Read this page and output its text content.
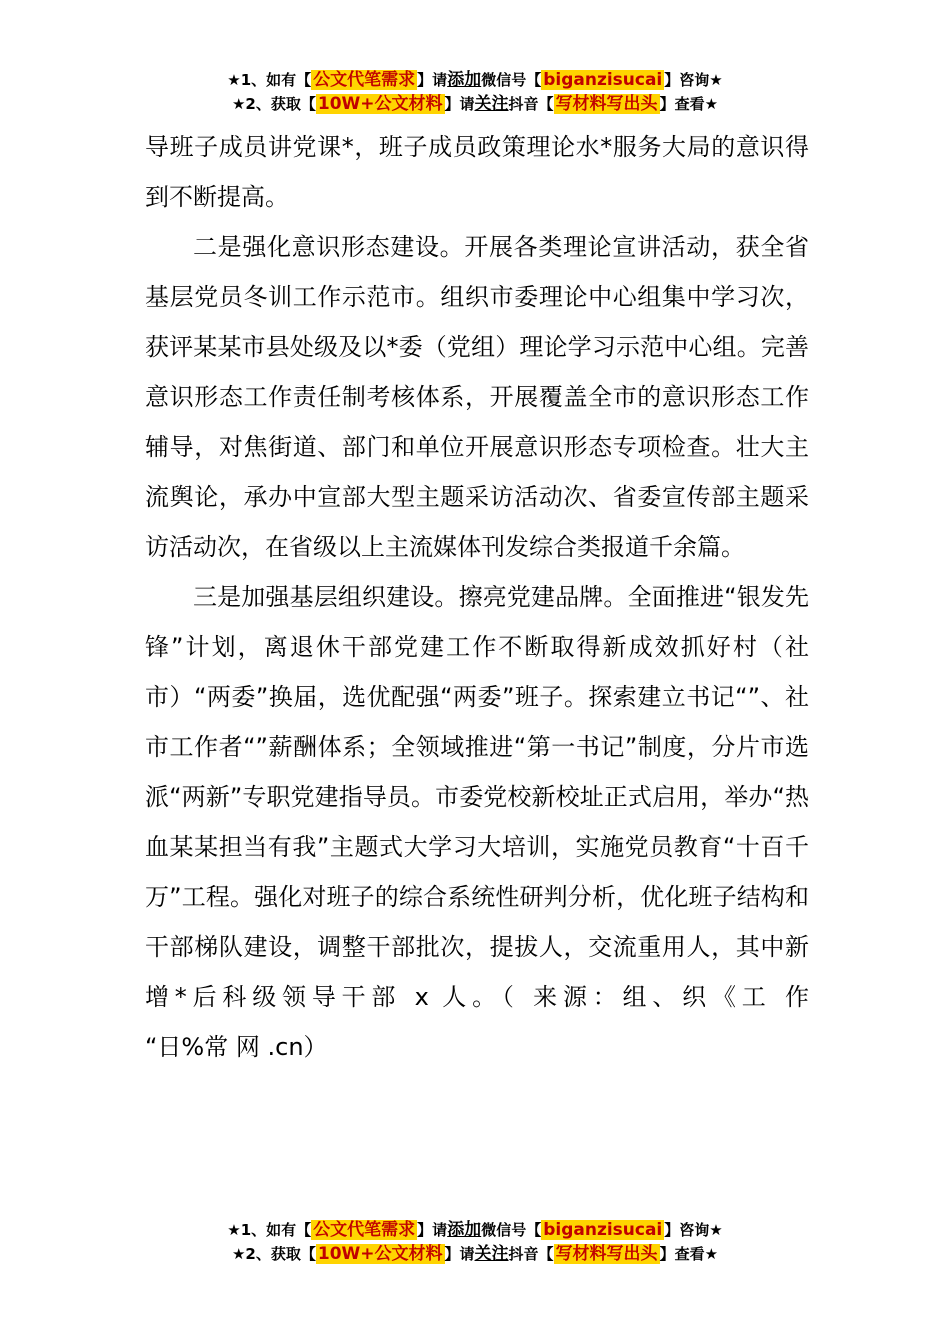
★1、如有【 公文代笔需求 】请添加微信号【 biganzisucai 】咨询★
★2、获取【 10W+公文材料 】请关注抖音【 写材料写出头 】查看★

导班子成员讲党课*，班子成员政策理论水*服务大局的意识得到不断提高。

二是强化意识形态建设。开展各类理论宣讲活动，获全省基层党员冬训工作示范市。组织市委理论中心组集中学习次，获评某某市县处级及以*委（党组）理论学习示范中心组。完善意识形态工作责任制考核体系，开展覆盖全市的意识形态工作辅导，对焦街道、部门和单位开展意识形态专项检查。壮大主流舆论，承办中宣部大型主题采访活动次、省委宣传部主题采访活动次，在省级以上主流媒体刊发综合类报道千余篇。

三是加强基层组织建设。擦亮党建品牌。全面推进“银发先锋”计划，离退休干部党建工作不断取得新成效抓好村（社市）“两委”换届，选优配强“两委”班子。探索建立书记“”、社市工作者“”薪酬体系；全领域推进“第一书记”制度，分片市选派“两新”专职党建指导员。市委党校新校址正式启用，举办“热血某某担当有我”主题式大学习大培训，实施党员教育“十百千万”工程。强化对班子的综合系统性研判分析，优化班子结构和干部梯队建设，调整干部批次，提拔人，交流重用人，其中新增*后科级领导干部 x 人。（ 来源：组、织《工 作

“日%常 网 .cn）

★1、如有【 公文代笔需求 】请添加微信号【 biganzisucai 】咨询★
★2、获取【 10W+公文材料 】请关注抖音【 写材料写出头 】查看★
